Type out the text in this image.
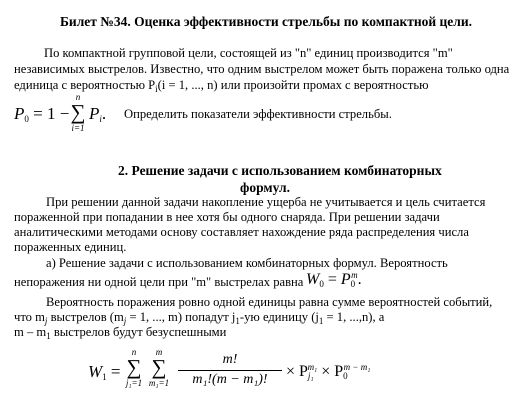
Билет №34. Оценка эффективности стрельбы по компактной цели.
По компактной групповой цели, состоящей из "n" единиц производится "m"
независимых выстрелов. Известно, что одним выстрелом может быть поражена только одна
единица с вероятностью $P_i(i = 1$, ..., n) или произойти промах с вероятностью
$P_0 = 1$ −
n
∑
i=1
$P_i$. Определить показатели эффективности стрельбы.
2. Решение задачи с использованием комбинаторных
формул.
При решении данной задачи накопление ущерба не учитывается и цель считается
пораженной при попадании в нее хотя бы одного снаряда. При решении задачи
аналитическими методами основу составляет нахождение ряда распределения числа
пораженных единиц.
а) Решение задачи с использованием комбинаторных формул. Вероятность
непоражения ни одной цели при "m" выстрелах равна $W_0 = P_0^m$.
Вероятность поражения ровно одной единицы равна сумме вероятностей событий,
что $m_j$ выстрелов ($m_j = 1$, ..., m) попадут $j_1-ую$ единицу ($j_1 = 1$, ...,n), а
m – $m_1$ выстрелов будут безуспешными
$W_1$ =
n
∑
j₁=1
m
∑
m₁=1
m!
m₁!(m − m₁)!	× $P_{j_1}^{m_1} \times P_0^{m - m_1}$
